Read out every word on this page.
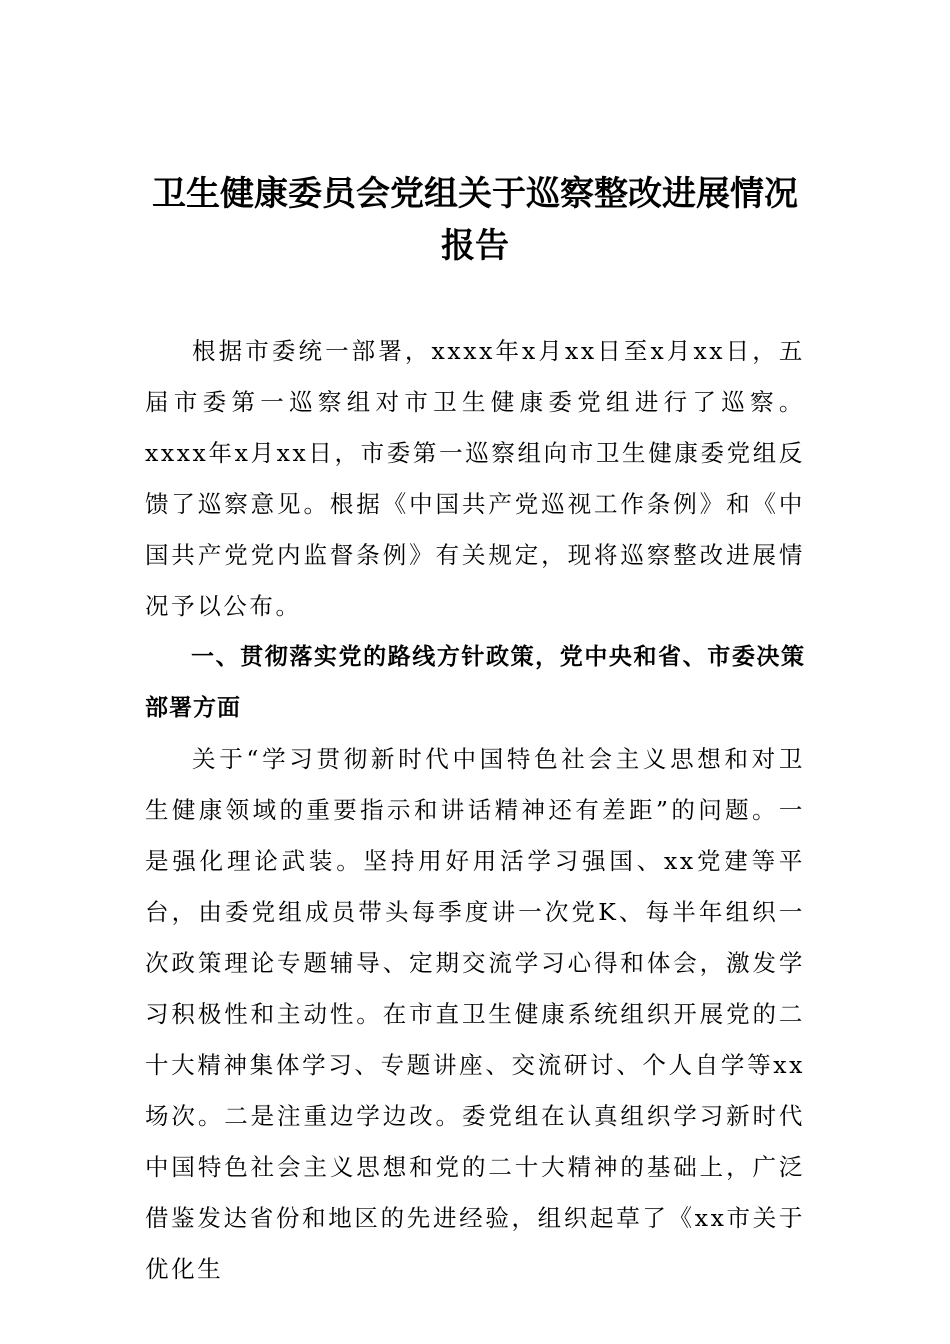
卫生健康委员会党组关于巡察整改进展情况报告

根据市委统一部署，xxxx年x月xx日至x月xx日，五届市委第一巡察组对市卫生健康委党组进行了巡察。xxxx年x月xx日，市委第一巡察组向市卫生健康委党组反馈了巡察意见。根据《中国共产党巡视工作条例》和《中国共产党党内监督条例》有关规定，现将巡察整改进展情况予以公布。

一、贯彻落实党的路线方针政策，党中央和省、市委决策部署方面

关于“学习贯彻新时代中国特色社会主义思想和对卫生健康领域的重要指示和讲话精神还有差距”的问题。一是强化理论武装。坚持用好用活学习强国、xx党建等平台，由委党组成员带头每季度讲一次党K、每半年组织一次政策理论专题辅导、定期交流学习心得和体会，激发学习积极性和主动性。在市直卫生健康系统组织开展党的二十大精神集体学习、专题讲座、交流研讨、个人自学等xx场次。二是注重边学边改。委党组在认真组织学习新时代中国特色社会主义思想和党的二十大精神的基础上，广泛借鉴发达省份和地区的先进经验，组织起草了《xx市关于优化生
